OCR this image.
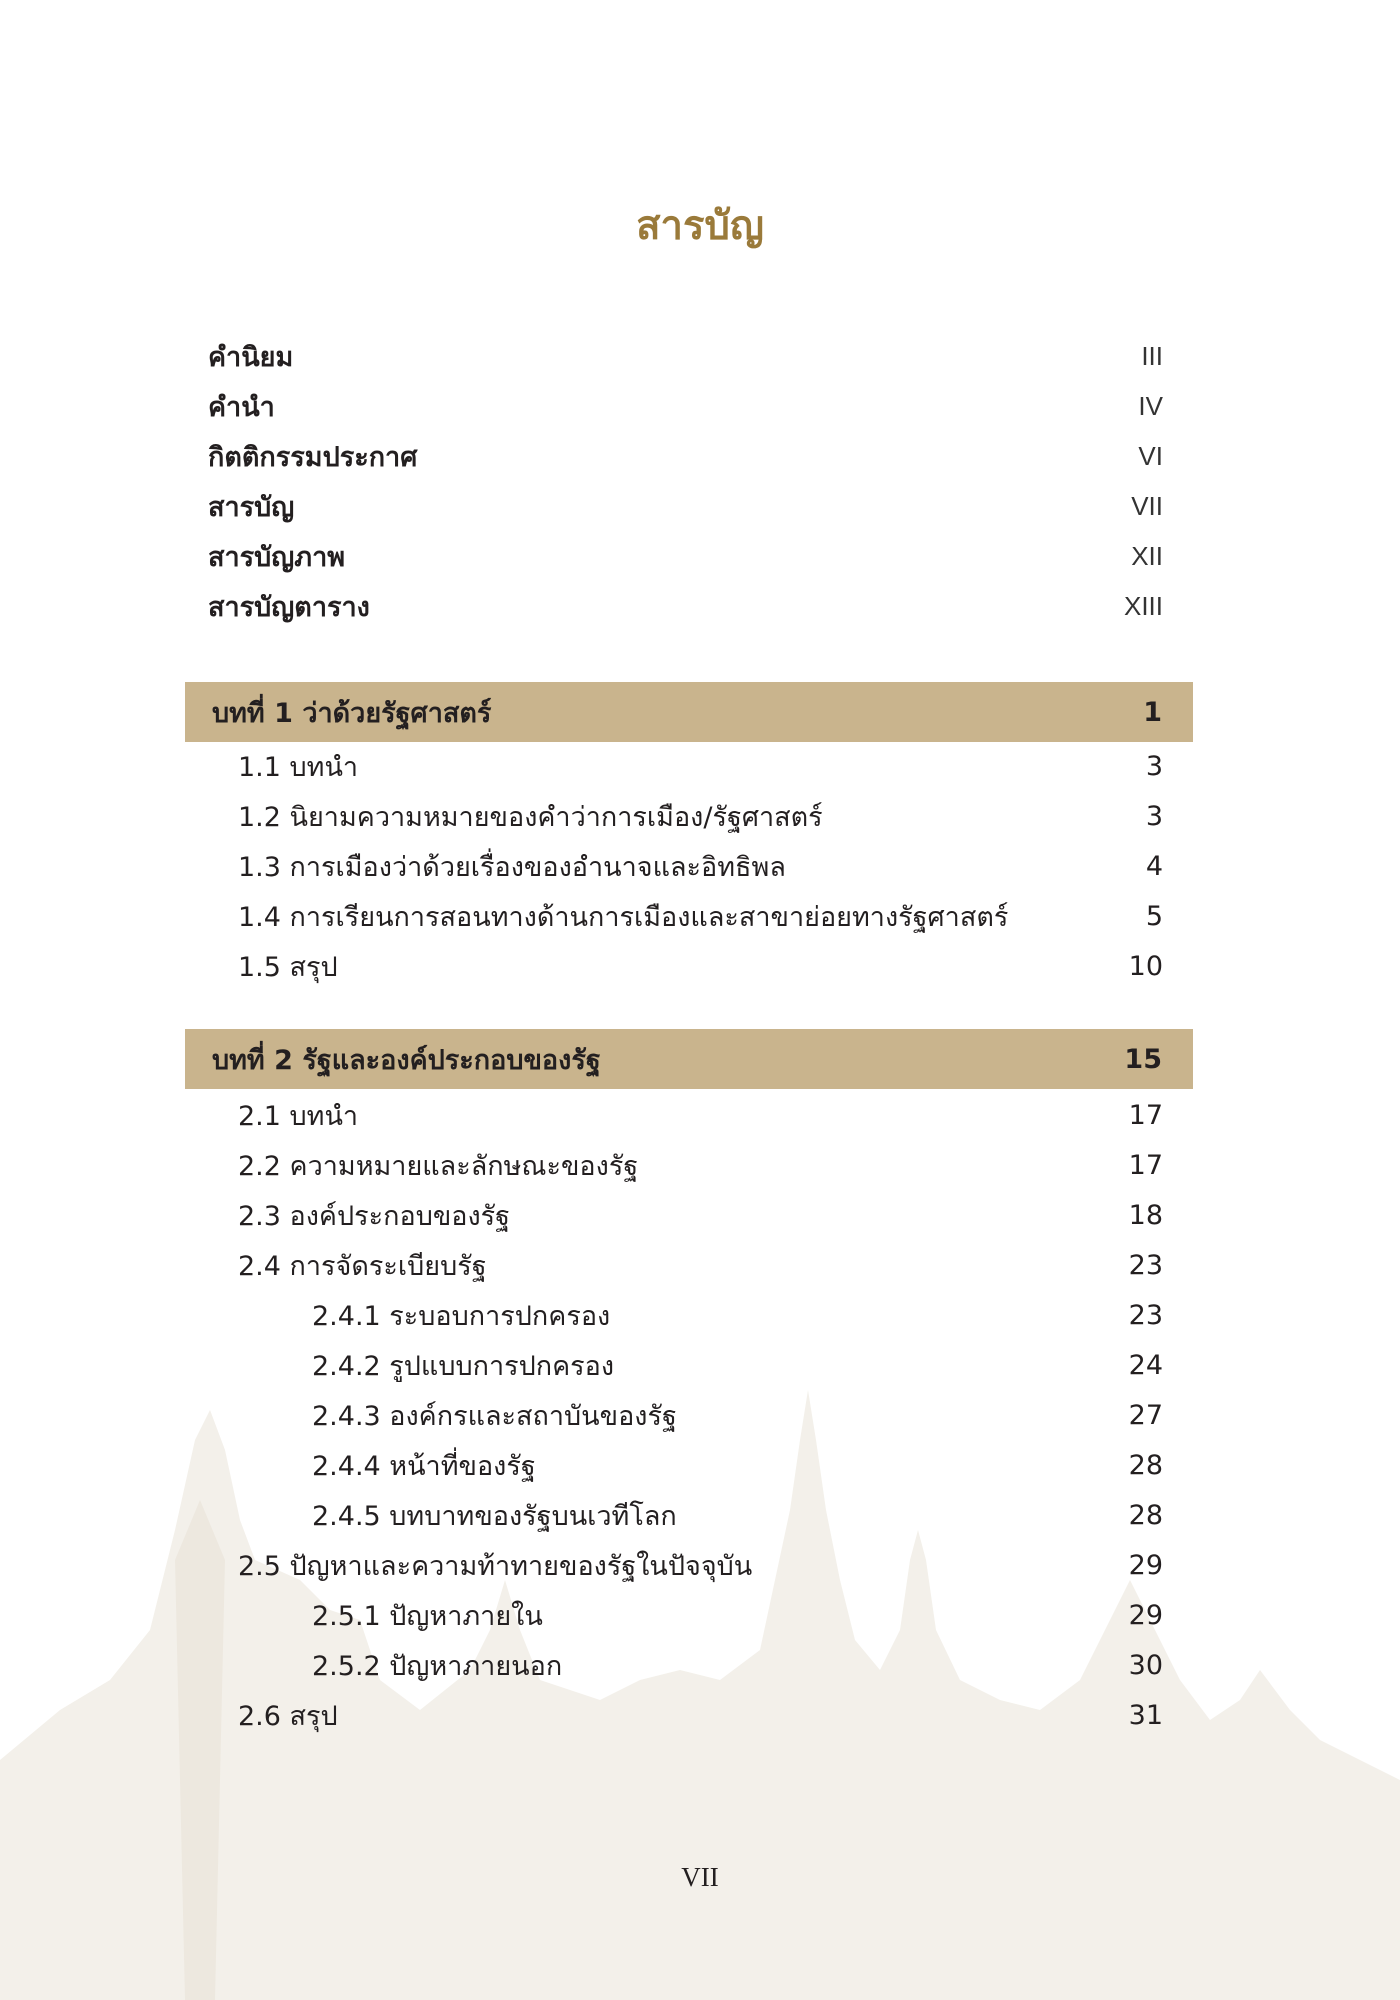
สารบัญ
คำนิยม	III
คำนำ	IV
กิตติกรรมประกาศ	VI
สารบัญ	VII
สารบัญภาพ	XII
สารบัญตาราง	XIII
บทที่ 1 ว่าด้วยรัฐศาสตร์	1
1.1 บทนำ	3
1.2 นิยามความหมายของคำว่าการเมือง/รัฐศาสตร์	3
1.3 การเมืองว่าด้วยเรื่องของอำนาจและอิทธิพล	4
1.4 การเรียนการสอนทางด้านการเมืองและสาขาย่อยทางรัฐศาสตร์	5
1.5 สรุป	10
บทที่ 2 รัฐและองค์ประกอบของรัฐ	15
2.1 บทนำ	17
2.2 ความหมายและลักษณะของรัฐ	17
2.3 องค์ประกอบของรัฐ	18
2.4 การจัดระเบียบรัฐ	23
2.4.1 ระบอบการปกครอง	23
2.4.2 รูปแบบการปกครอง	24
2.4.3 องค์กรและสถาบันของรัฐ	27
2.4.4 หน้าที่ของรัฐ	28
2.4.5 บทบาทของรัฐบนเวทีโลก	28
2.5 ปัญหาและความท้าทายของรัฐในปัจจุบัน	29
2.5.1 ปัญหาภายใน	29
2.5.2 ปัญหาภายนอก	30
2.6 สรุป	31
VII
